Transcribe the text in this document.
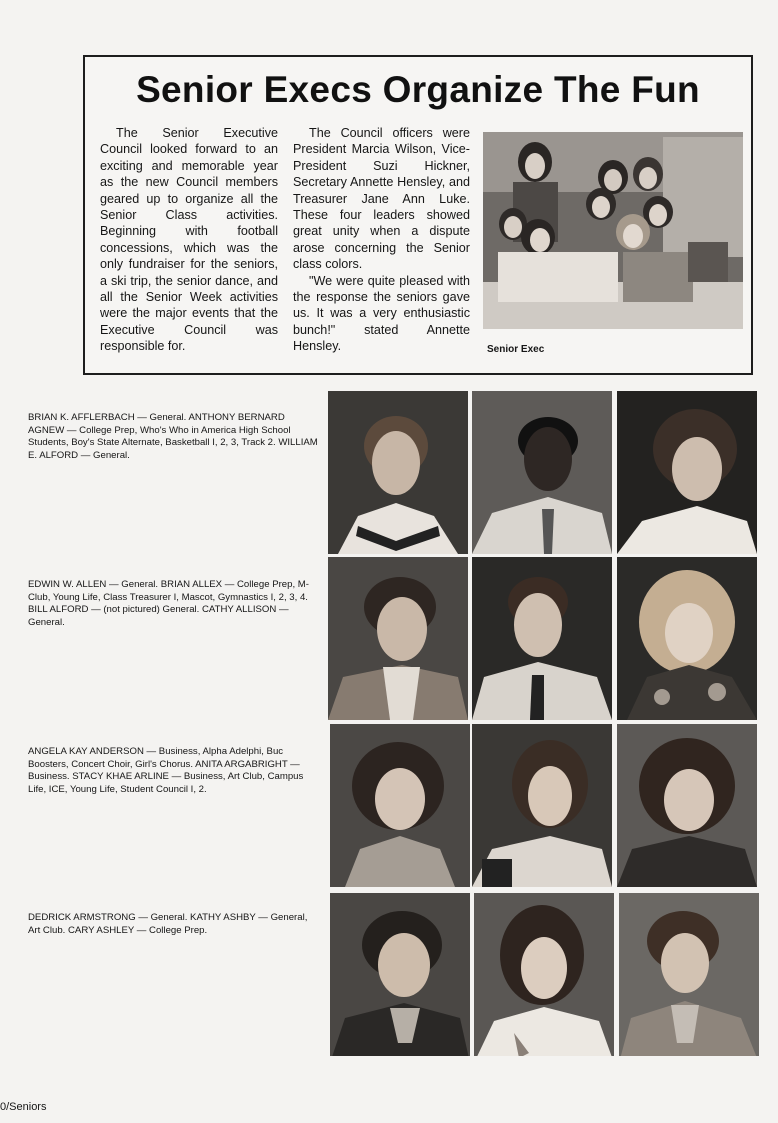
Senior Execs Organize The Fun

The Senior Executive Council looked forward to an exciting and memorable year as the new Council members geared up to organize all the Senior Class activities. Beginning with football concessions, which was the only fundraiser for the seniors, a ski trip, the senior dance, and all the Senior Week activities were the major events that the Executive Council was responsible for.

The Council officers were President Marcia Wilson, Vice-President Suzi Hickner, Secretary Annette Hensley, and Treasurer Jane Ann Luke. These four leaders showed great unity when a dispute arose concerning the Senior class colors.

"We were quite pleased with the response the seniors gave us. It was a very enthusiastic bunch!" stated Annette Hensley.	Senior Exec

BRIAN K. AFFLERBACH — General. ANTHONY BERNARD AGNEW — College Prep, Who's Who in America High School Students, Boy's State Alternate, Basketball I, 2, 3, Track 2. WILLIAM E. ALFORD — General.

EDWIN W. ALLEN — General. BRIAN ALLEX — College Prep, M-Club, Young Life, Class Treasurer I, Mascot, Gymnastics I, 2, 3, 4. BILL ALFORD — (not pictured) General. CATHY ALLISON — General.

ANGELA KAY ANDERSON — Business, Alpha Adelphi, Buc Boosters, Concert Choir, Girl's Chorus. ANITA ARGABRIGHT — Business. STACY KHAE ARLINE — Business, Art Club, Campus Life, ICE, Young Life, Student Council I, 2.

DEDRICK ARMSTRONG — General. KATHY ASHBY — General, Art Club. CARY ASHLEY — College Prep.

0/Seniors
